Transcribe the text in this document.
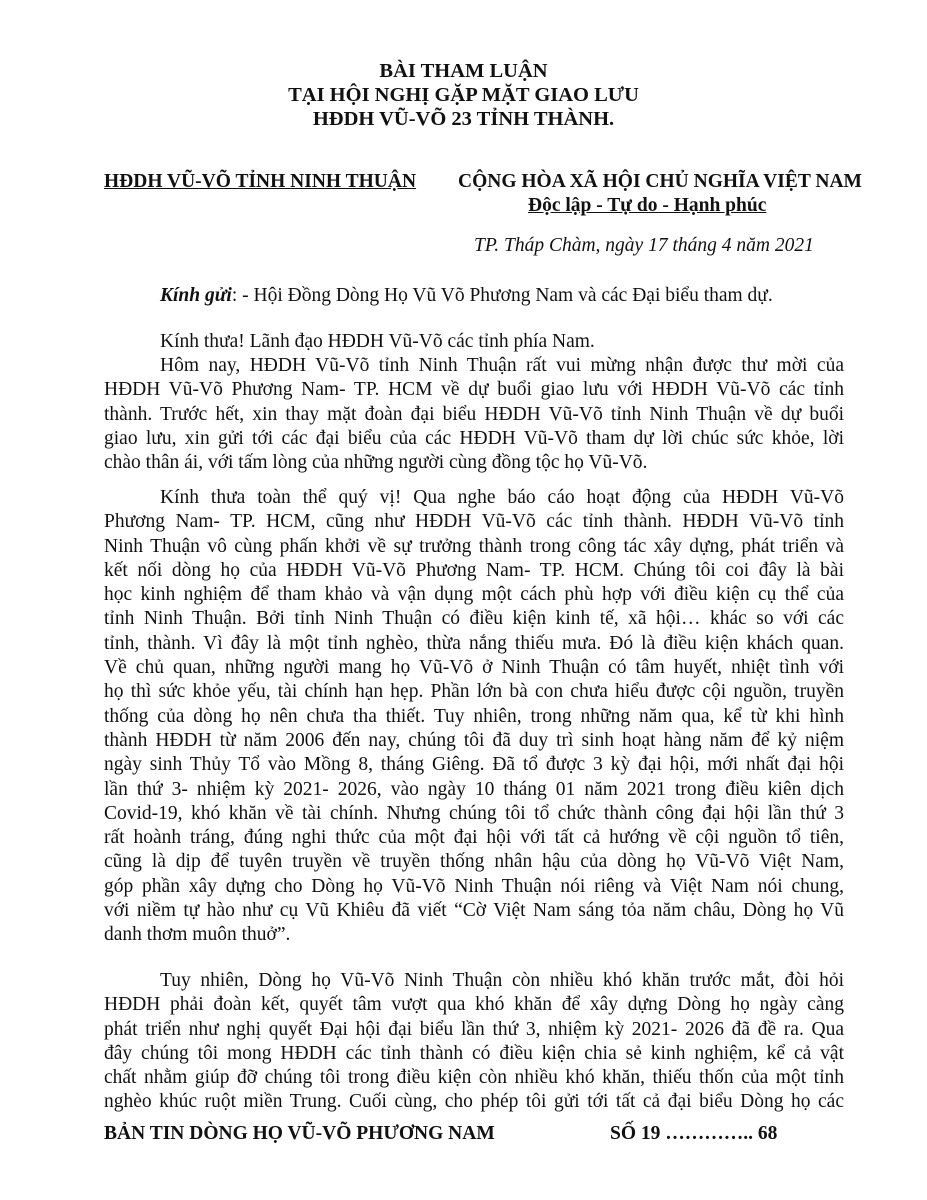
BÀI THAM LUẬN
TẠI HỘI NGHỊ GẶP MẶT GIAO LƯU
HĐDH VŨ-VÕ 23 TỈNH THÀNH.
HĐDH VŨ-VÕ TỈNH NINH THUẬN CỘNG HÒA XÃ HỘI CHỦ NGHĨA VIỆT NAM
Độc lập - Tự do - Hạnh phúc
TP. Tháp Chàm, ngày 17 tháng 4 năm 2021
Kính gửi: - Hội Đồng Dòng Họ Vũ Võ Phương Nam và các Đại biểu tham dự.
Kính thưa! Lãnh đạo HĐDH Vũ-Võ các tỉnh phía Nam.
Hôm nay, HĐDH Vũ-Võ tỉnh Ninh Thuận rất vui mừng nhận được thư mời của
HĐDH Vũ-Võ Phương Nam- TP. HCM về dự buổi giao lưu với HĐDH Vũ-Võ các tỉnh
thành. Trước hết, xin thay mặt đoàn đại biểu HĐDH Vũ-Võ tỉnh Ninh Thuận về dự buổi
giao lưu, xin gửi tới các đại biểu của các HĐDH Vũ-Võ tham dự lời chúc sức khỏe, lời
chào thân ái, với tấm lòng của những người cùng đồng tộc họ Vũ-Võ.
Kính thưa toàn thể quý vị! Qua nghe báo cáo hoạt động của HĐDH Vũ-Võ
Phương Nam- TP. HCM, cũng như HĐDH Vũ-Võ các tỉnh thành. HĐDH Vũ-Võ tỉnh
Ninh Thuận vô cùng phấn khởi về sự trưởng thành trong công tác xây dựng, phát triển và
kết nối dòng họ của HĐDH Vũ-Võ Phương Nam- TP. HCM. Chúng tôi coi đây là bài
học kinh nghiệm để tham khảo và vận dụng một cách phù hợp với điều kiện cụ thể của
tỉnh Ninh Thuận. Bởi tỉnh Ninh Thuận có điều kiện kinh tế, xã hội… khác so với các
tỉnh, thành. Vì đây là một tỉnh nghèo, thừa nắng thiếu mưa. Đó là điều kiện khách quan.
Về chủ quan, những người mang họ Vũ-Võ ở Ninh Thuận có tâm huyết, nhiệt tình với
họ thì sức khỏe yếu, tài chính hạn hẹp. Phần lớn bà con chưa hiểu được cội nguồn, truyền
thống của dòng họ nên chưa tha thiết. Tuy nhiên, trong những năm qua, kể từ khi hình
thành HĐDH từ năm 2006 đến nay, chúng tôi đã duy trì sinh hoạt hàng năm để kỷ niệm
ngày sinh Thủy Tổ vào Mồng 8, tháng Giêng. Đã tổ được 3 kỳ đại hội, mới nhất đại hội
lần thứ 3- nhiệm kỳ 2021- 2026, vào ngày 10 tháng 01 năm 2021 trong điều kiên dịch
Covid-19, khó khăn về tài chính. Nhưng chúng tôi tổ chức thành công đại hội lần thứ 3
rất hoành tráng, đúng nghi thức của một đại hội với tất cả hướng về cội nguồn tổ tiên,
cũng là dịp để tuyên truyền về truyền thống nhân hậu của dòng họ Vũ-Võ Việt Nam,
góp phần xây dựng cho Dòng họ Vũ-Võ Ninh Thuận nói riêng và Việt Nam nói chung,
với niềm tự hào như cụ Vũ Khiêu đã viết “Cờ Việt Nam sáng tỏa năm châu, Dòng họ Vũ
danh thơm muôn thuở”.
Tuy nhiên, Dòng họ Vũ-Võ Ninh Thuận còn nhiều khó khăn trước mắt, đòi hỏi
HĐDH phải đoàn kết, quyết tâm vượt qua khó khăn để xây dựng Dòng họ ngày càng
phát triển như nghị quyết Đại hội đại biểu lần thứ 3, nhiệm kỳ 2021- 2026 đã đề ra. Qua
đây chúng tôi mong HĐDH các tỉnh thành có điều kiện chia sẻ kinh nghiệm, kể cả vật
chất nhằm giúp đỡ chúng tôi trong điều kiện còn nhiều khó khăn, thiếu thốn của một tỉnh
nghèo khúc ruột miền Trung. Cuối cùng, cho phép tôi gửi tới tất cả đại biểu Dòng họ các
BẢN TIN DÒNG HỌ VŨ-VÕ PHƯƠNG NAM	SỐ 19 ………….. 68
